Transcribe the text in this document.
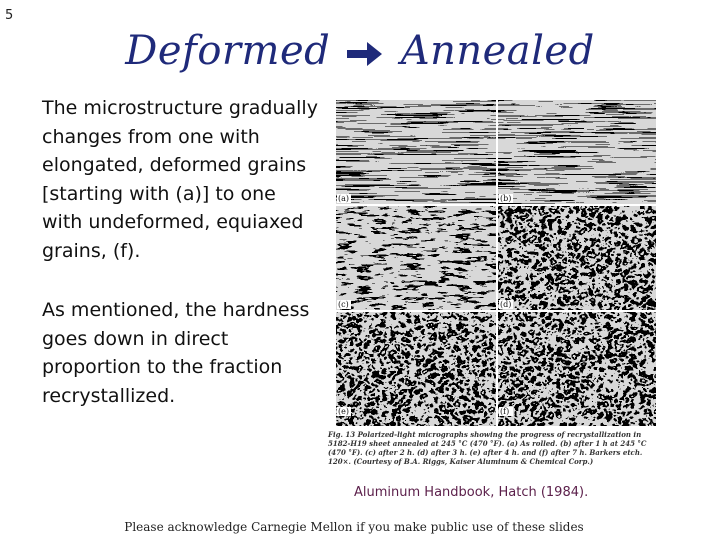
5
Deformed Annealed
The microstructure gradually changes from one with elongated, deformed grains [starting with (a)] to one with undeformed, equiaxed grains, (f).
As mentioned, the hardness goes down in direct proportion to the fraction recrystallized.
(a)	(b)
(c)	(d)
(e)	(f)
Fig. 13 Polarized-light micrographs showing the progress of recrystallization in 5182-H19 sheet annealed at 245 °C (470 °F). (a) As rolled. (b) after 1 h at 245 °C (470 °F). (c) after 2 h. (d) after 3 h. (e) after 4 h. and (f) after 7 h. Barkers etch. 120×. (Courtesy of B.A. Riggs, Kaiser Aluminum & Chemical Corp.)
Aluminum Handbook, Hatch (1984).
Please acknowledge Carnegie Mellon if you make public use of these slides
